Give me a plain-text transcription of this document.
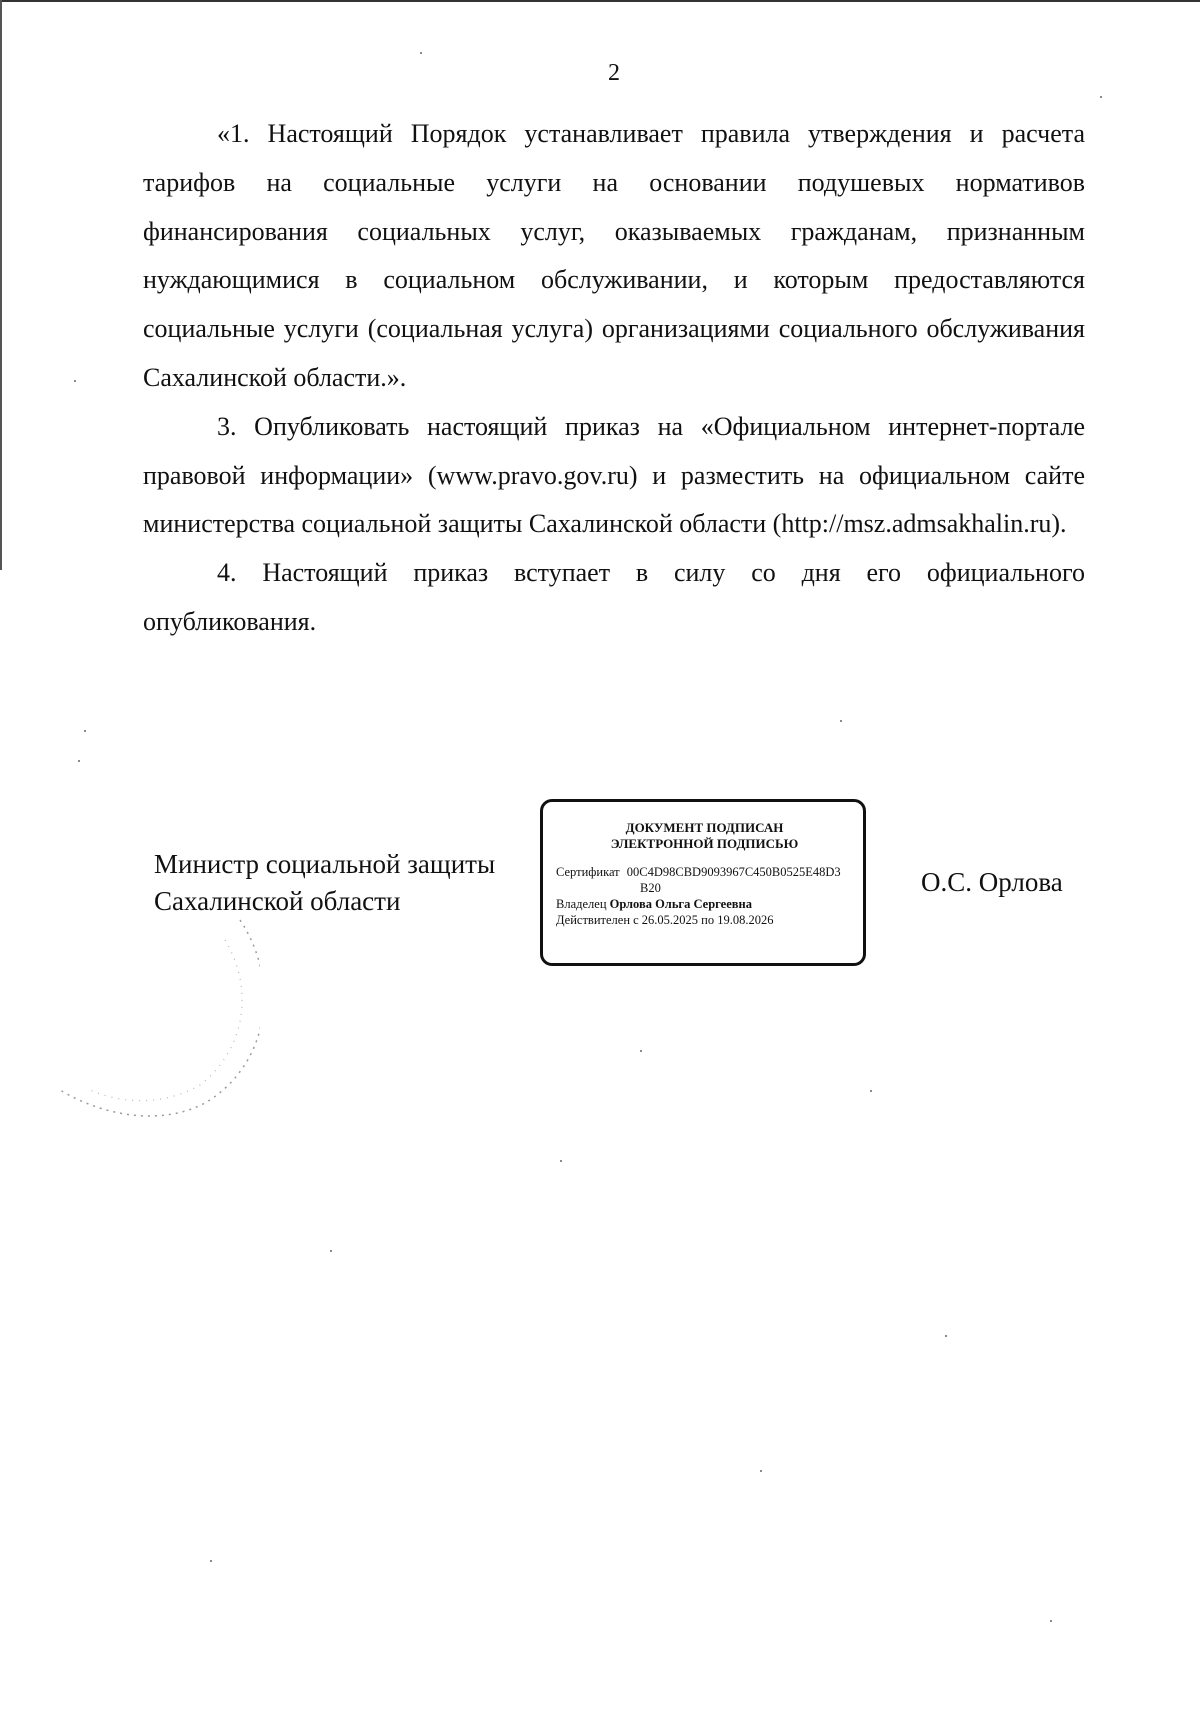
2

«1. Настоящий Порядок устанавливает правила утверждения и расчета тарифов на социальные услуги на основании подушевых нормативов финансирования социальных услуг, оказываемых гражданам, признанным нуждающимися в социальном обслуживании, и которым предоставляются социальные услуги (социальная услуга) организациями социального обслуживания Сахалинской области.».

3. Опубликовать настоящий приказ на «Официальном интернет-портале правовой информации» (www.pravo.gov.ru) и разместить на официальном сайте министерства социальной защиты Сахалинской области (http://msz.admsakhalin.ru).

4. Настоящий приказ вступает в силу со дня его официального опубликования.

Министр социальной защиты
Сахалинской области
ДОКУМЕНТ ПОДПИСАН
ЭЛЕКТРОННОЙ ПОДПИСЬЮ
Сертификат 00C4D98CBD9093967C450B0525E48D3
B20
Владелец Орлова Ольга Сергеевна
Действителен с 26.05.2025 по 19.08.2026
О.С. Орлова
